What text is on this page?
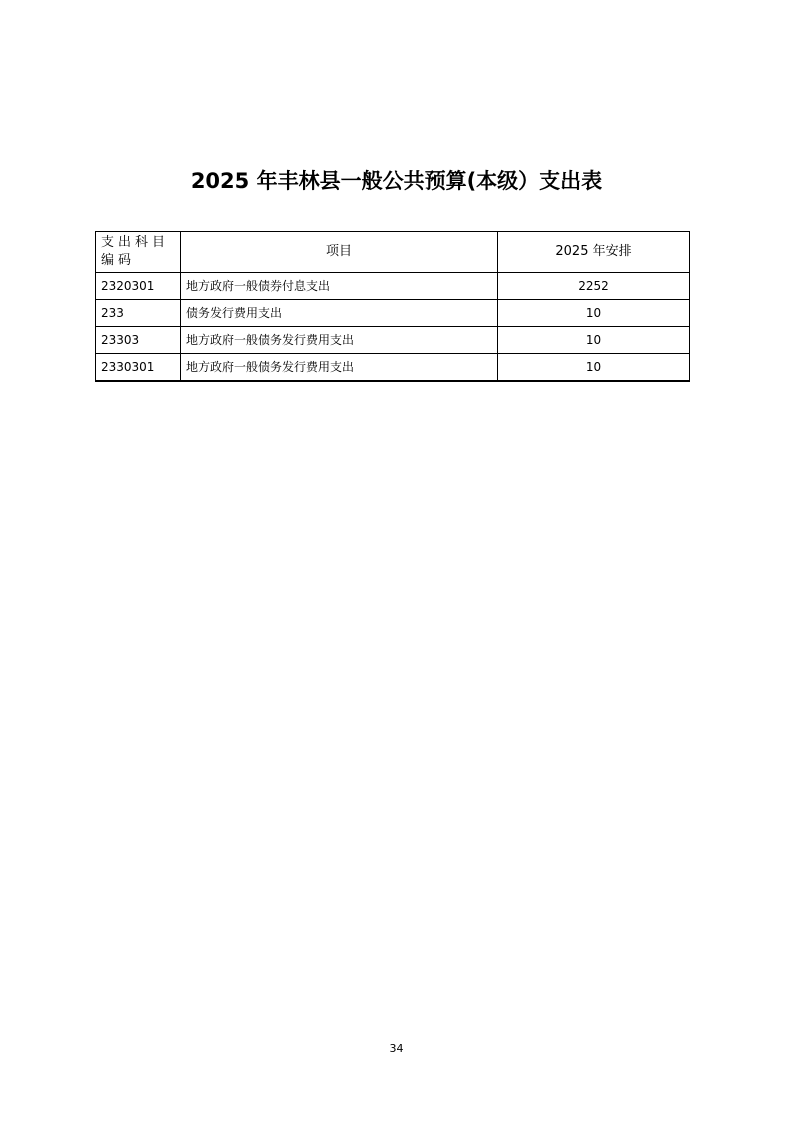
2025 年丰林县一般公共预算(本级）支出表
支出科目编码	项目	2025 年安排
2320301	地方政府一般债券付息支出	2252
233	债务发行费用支出	10
23303	地方政府一般债务发行费用支出	10
2330301	地方政府一般债务发行费用支出	10
34
